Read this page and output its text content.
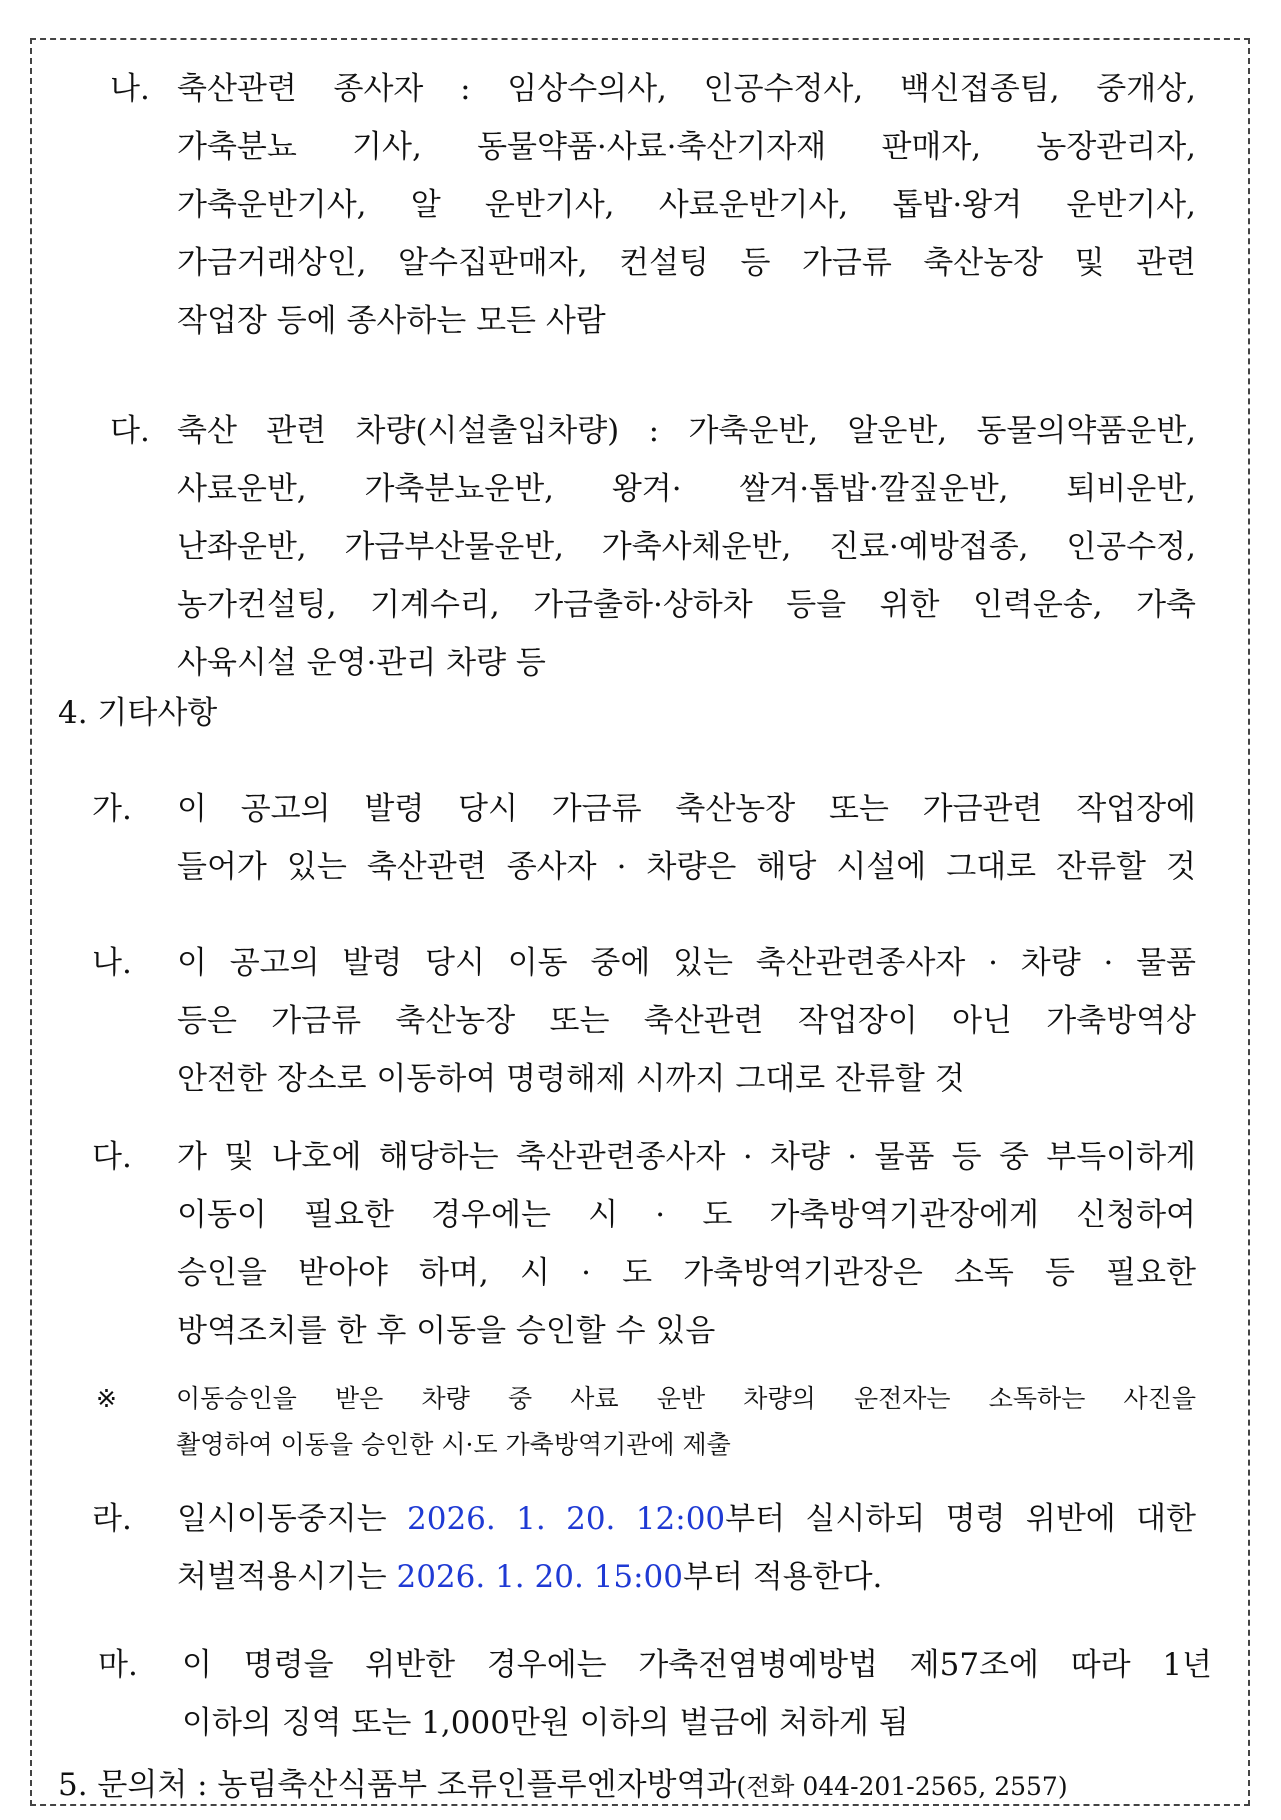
나. 축산관련 종사자 : 임상수의사, 인공수정사, 백신접종팀, 중개상,
가축분뇨 기사, 동물약품·사료·축산기자재 판매자, 농장관리자,
가축운반기사, 알 운반기사, 사료운반기사, 톱밥·왕겨 운반기사,
가금거래상인, 알수집판매자, 컨설팅 등 가금류 축산농장 및 관련
작업장 등에 종사하는 모든 사람
다. 축산 관련 차량(시설출입차량) : 가축운반, 알운반, 동물의약품운반,
사료운반, 가축분뇨운반, 왕겨· 쌀겨·톱밥·깔짚운반, 퇴비운반,
난좌운반, 가금부산물운반, 가축사체운반, 진료·예방접종, 인공수정,
농가컨설팅, 기계수리, 가금출하·상하차 등을 위한 인력운송, 가축
사육시설 운영·관리 차량 등
4. 기타사항
가.	이 공고의 발령 당시 가금류 축산농장 또는 가금관련 작업장에
들어가 있는 축산관련 종사자 · 차량은 해당 시설에 그대로 잔류할 것
나.	이 공고의 발령 당시 이동 중에 있는 축산관련종사자 · 차량 · 물품
등은 가금류 축산농장 또는 축산관련 작업장이 아닌 가축방역상
안전한 장소로 이동하여 명령해제 시까지 그대로 잔류할 것
다.	가 및 나호에 해당하는 축산관련종사자 · 차량 · 물품 등 중 부득이하게
이동이 필요한 경우에는 시 · 도 가축방역기관장에게 신청하여
승인을 받아야 하며, 시 · 도 가축방역기관장은 소독 등 필요한
방역조치를 한 후 이동을 승인할 수 있음
※	이동승인을 받은 차량 중 사료 운반 차량의 운전자는 소독하는 사진을
촬영하여 이동을 승인한 시·도 가축방역기관에 제출
라.	일시이동중지는 2026. 1. 20. 12:00부터 실시하되 명령 위반에 대한
처벌적용시기는 2026. 1. 20. 15:00부터 적용한다.
마.	이 명령을 위반한 경우에는 가축전염병예방법 제57조에 따라 1년
이하의 징역 또는 1,000만원 이하의 벌금에 처하게 됨
5. 문의처 : 농림축산식품부 조류인플루엔자방역과(전화 044-201-2565, 2557)
